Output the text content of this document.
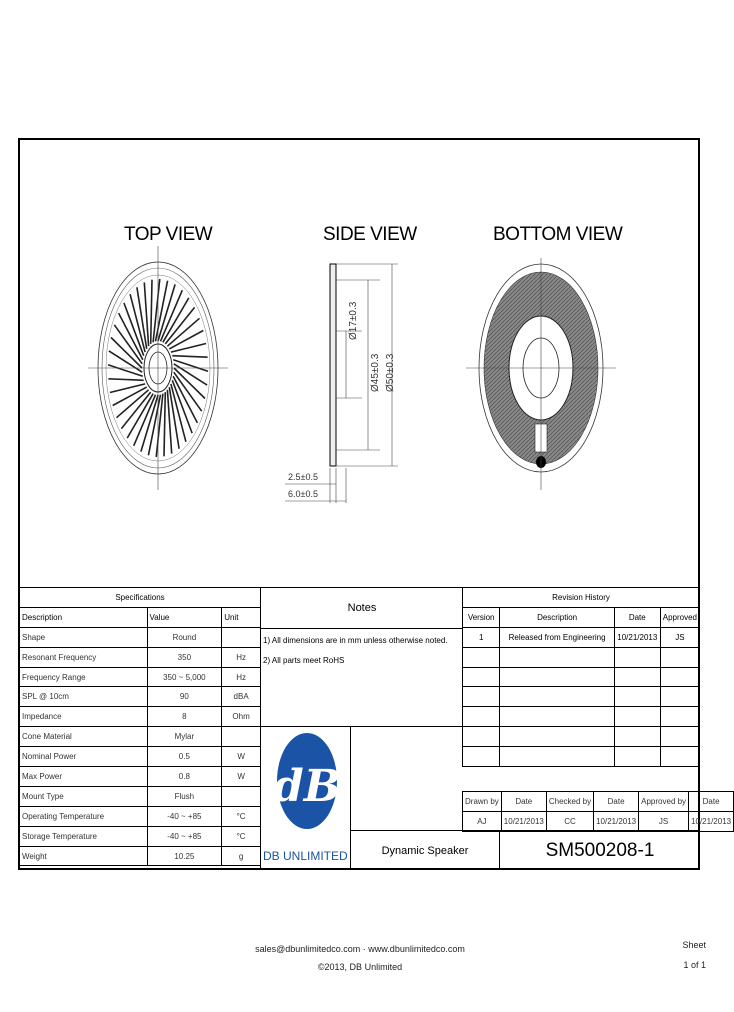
TOP VIEW	SIDE VIEW	BOTTOM VIEW
Ø17±0.3
Ø45±0.3 Ø50±0.3
2.5±0.5
6.0±0.5
Specifications		
Description	Value	Unit
Shape	Round	
Resonant Frequency	350	Hz
Frequency Range	350 ~ 5,000	Hz
SPL @ 10cm	90	dBA
Impedance	8	Ohm
Cone Material	Mylar	
Nominal Power	0.5	W
Max Power	0.8	W
Mount Type	Flush	
Operating Temperature	-40 ~ +85	°C
Storage Temperature	-40 ~ +85	°C
Weight	10.25	g
Notes
1) All dimensions are in mm unless otherwise noted.
2) All parts meet RoHS
Revision History			
Version	Description	Date	Approved
1	Released from Engineering	10/21/2013	JS

Drawn by	Date	Checked by	Date	Approved by	Date
AJ	10/21/2013	CC	10/21/2013	JS	10/21/2013
dB
DB UNLIMITED	Dynamic Speaker	SM500208-1
sales@dbunlimitedco.com · www.dbunlimitedco.com
©2013, DB Unlimited
Sheet
1 of 1
